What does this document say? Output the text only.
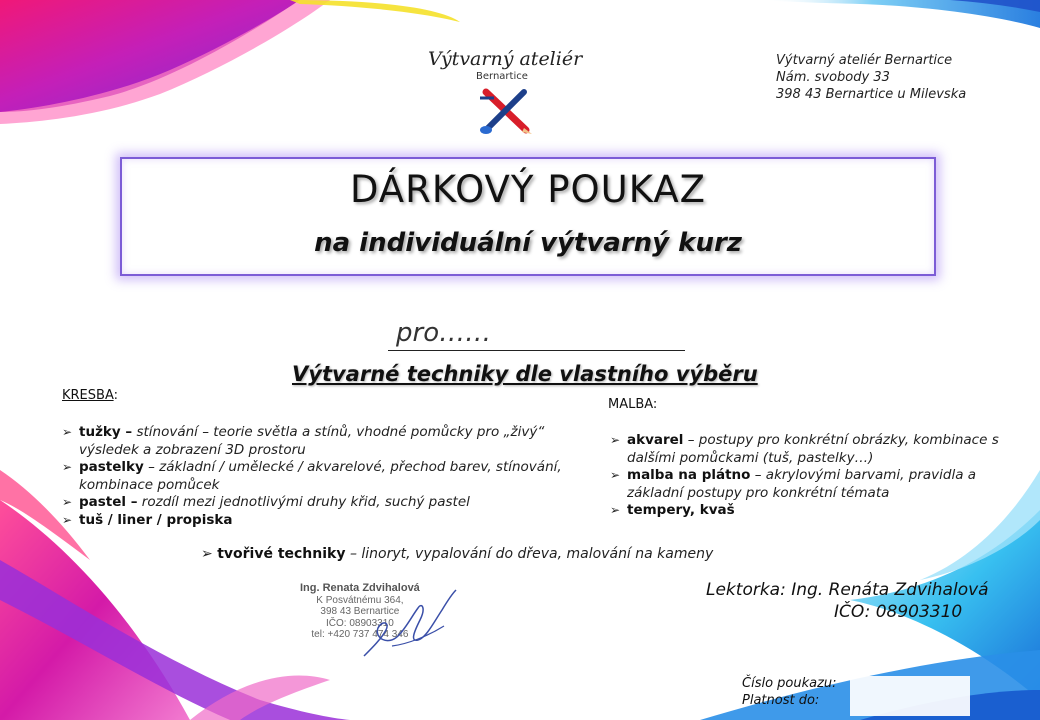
Výtvarný ateliér
Bernartice
Výtvarný ateliér Bernartice
Nám. svobody 33
398 43 Bernartice u Milevska
DÁRKOVÝ POUKAZ
na individuální výtvarný kurz
pro……
Výtvarné techniky dle vlastního výběru
KRESBA:
➢ tužky – stínování – teorie světla a stínů, vhodné pomůcky pro „živý“ výsledek a zobrazení 3D prostoru
➢ pastelky – základní / umělecké / akvarelové, přechod barev, stínování, kombinace pomůcek
➢ pastel – rozdíl mezi jednotlivými druhy křid, suchý pastel
➢ tuš / liner / propiska
MALBA:
➢ akvarel – postupy pro konkrétní obrázky, kombinace s dalšími pomůckami (tuš, pastelky…)
➢ malba na plátno – akrylovými barvami, pravidla a základní postupy pro konkrétní témata
➢ tempery, kvaš
➢ tvořivé techniky – linoryt, vypalování do dřeva, malování na kameny
Ing. Renata Zdvihalová
K Posvátnému 364,
398 43 Bernartice
IČO: 08903310
tel: +420 737 474 346
Lektorka: Ing. Renáta Zdvihalová
IČO: 08903310
Číslo poukazu:
Platnost do:
